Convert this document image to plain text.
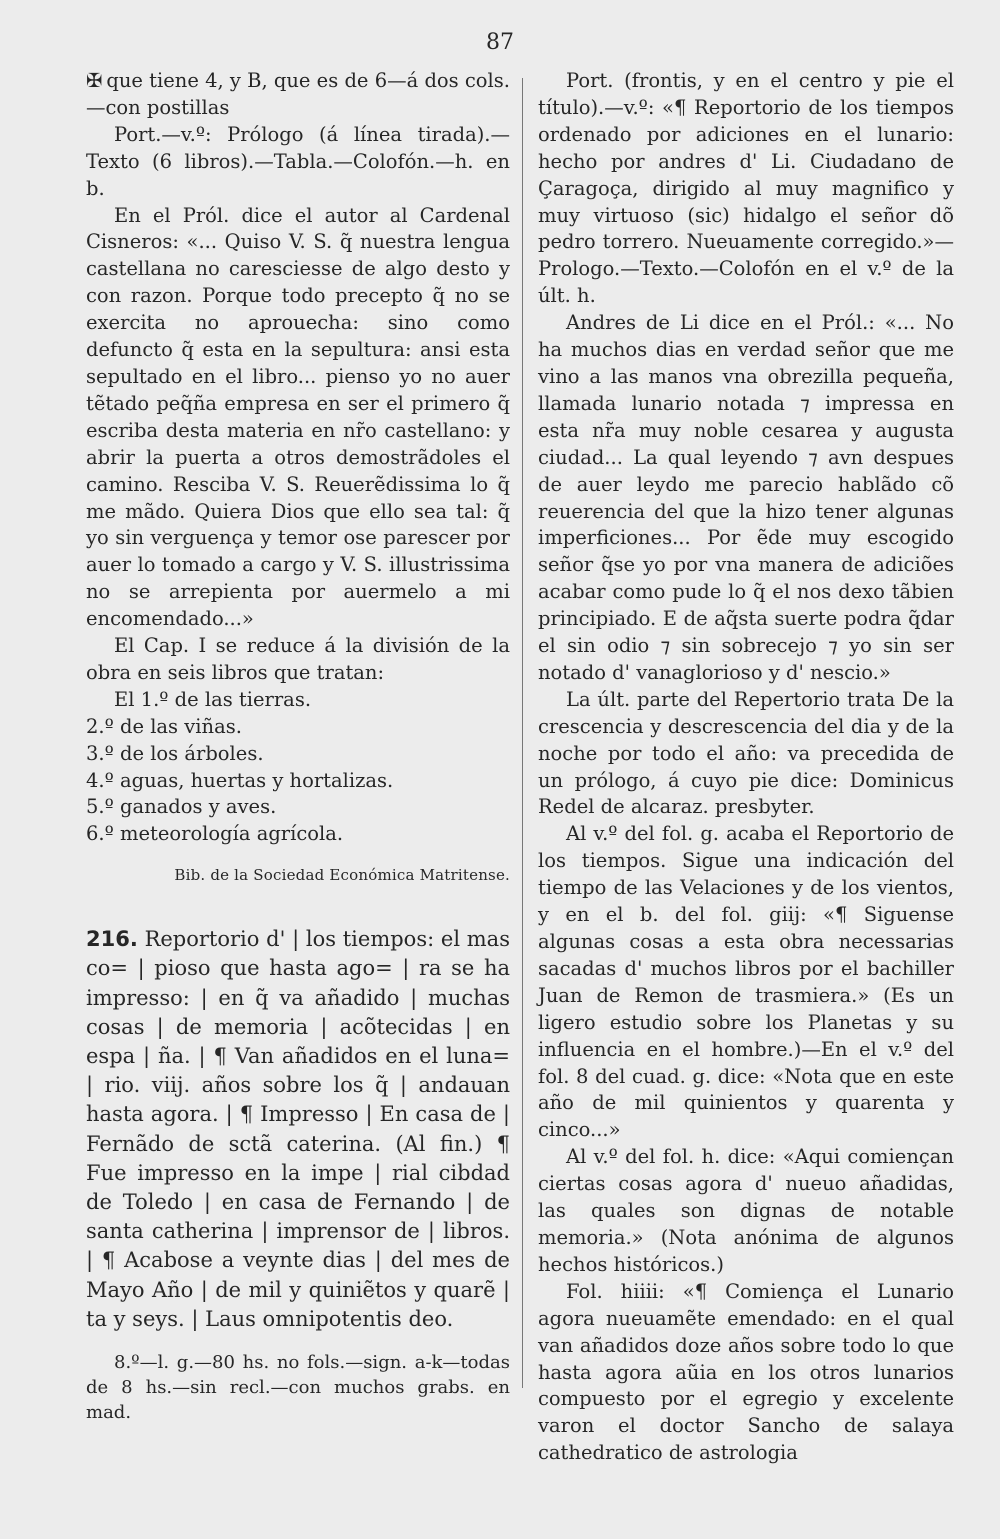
87

✠ que tiene 4, y B, que es de 6—á dos cols.—con postillas

Port.—v.º: Prólogo (á línea tirada).—Texto (6 libros).—Tabla.—Colofón.—h. en b.

En el Pról. dice el autor al Cardenal Cisneros: «... Quiso V. S. q̃ nuestra lengua castellana no caresciesse de algo desto y con razon. Porque todo precepto q̃ no se exercita no aprouecha: sino como defuncto q̃ esta en la sepultura: ansi esta sepultado en el libro... pienso yo no auer tẽtado peq̃ña empresa en ser el primero q̃ escriba desta materia en nr̃o castellano: y abrir la puerta a otros demostrãdoles el camino. Resciba V. S. Reuerẽdissima lo q̃ me mãdo. Quiera Dios que ello sea tal: q̃ yo sin verguença y temor ose parescer por auer lo tomado a cargo y V. S. illustrissima no se arrepienta por auermelo a mi encomendado...»

El Cap. I se reduce á la división de la obra en seis libros que tratan:

El 1.º de las tierras.

2.º de las viñas.

3.º de los árboles.

4.º aguas, huertas y hortalizas.

5.º ganados y aves.

6.º meteorología agrícola.

Bib. de la Sociedad Económica Matritense.

216. Reportorio d' | los tiempos: el mas co= | pioso que hasta ago= | ra se ha impresso: | en q̃ va añadido | muchas cosas | de memoria | acõtecidas | en espa | ña. | ¶ Van añadidos en el luna= | rio. viij. años sobre los q̃ | andauan hasta agora. | ¶ Impresso | En casa de | Fernãdo de sctã caterina. (Al fin.) ¶ Fue impresso en la impe | rial cibdad de Toledo | en casa de Fernando | de santa catherina | imprensor de | libros. | ¶ Acabose a veynte dias | del mes de Mayo Año | de mil y quiniẽtos y quarẽ | ta y seys. | Laus omnipotentis deo.

8.º—l. g.—80 hs. no fols.—sign. a-k—todas de 8 hs.—sin recl.—con muchos grabs. en mad.

Port. (frontis, y en el centro y pie el título).—v.º: «¶ Reportorio de los tiempos ordenado por adiciones en el lunario: hecho por andres d' Li. Ciudadano de Çaragoça, dirigido al muy magnifico y muy virtuoso (sic) hidalgo el señor dõ pedro torrero. Nueuamente corregido.»—Prologo.—Texto.—Colofón en el v.º de la últ. h.

Andres de Li dice en el Pról.: «... No ha muchos dias en verdad señor que me vino a las manos vna obrezilla pequeña, llamada lunario notada ⁊ impressa en esta nr̃a muy noble cesarea y augusta ciudad... La qual leyendo ⁊ avn despues de auer leydo me parecio hablãdo cõ reuerencia del que la hizo tener algunas imperficiones... Por ẽde muy escogido señor q̃se yo por vna manera de adiciões acabar como pude lo q̃ el nos dexo tãbien principiado. E de aq̃sta suerte podra q̃dar el sin odio ⁊ sin sobrecejo ⁊ yo sin ser notado d' vanaglorioso y d' nescio.»

La últ. parte del Repertorio trata De la crescencia y descrescencia del dia y de la noche por todo el año: va precedida de un prólogo, á cuyo pie dice: Dominicus Redel de alcaraz. presbyter.

Al v.º del fol. g. acaba el Reportorio de los tiempos. Sigue una indicación del tiempo de las Velaciones y de los vientos, y en el b. del fol. giij: «¶ Siguense algunas cosas a esta obra necessarias sacadas d' muchos libros por el bachiller Juan de Remon de trasmiera.» (Es un ligero estudio sobre los Planetas y su influencia en el hombre.)—En el v.º del fol. 8 del cuad. g. dice: «Nota que en este año de mil quinientos y quarenta y cinco...»

Al v.º del fol. h. dice: «Aqui comiençan ciertas cosas agora d' nueuo añadidas, las quales son dignas de notable memoria.» (Nota anónima de algunos hechos históricos.)

Fol. hiiii: «¶ Comiença el Lunario agora nueuamẽte emendado: en el qual van añadidos doze años sobre todo lo que hasta agora aũia en los otros lunarios compuesto por el egregio y excelente varon el doctor Sancho de salaya cathedratico de astrologia
